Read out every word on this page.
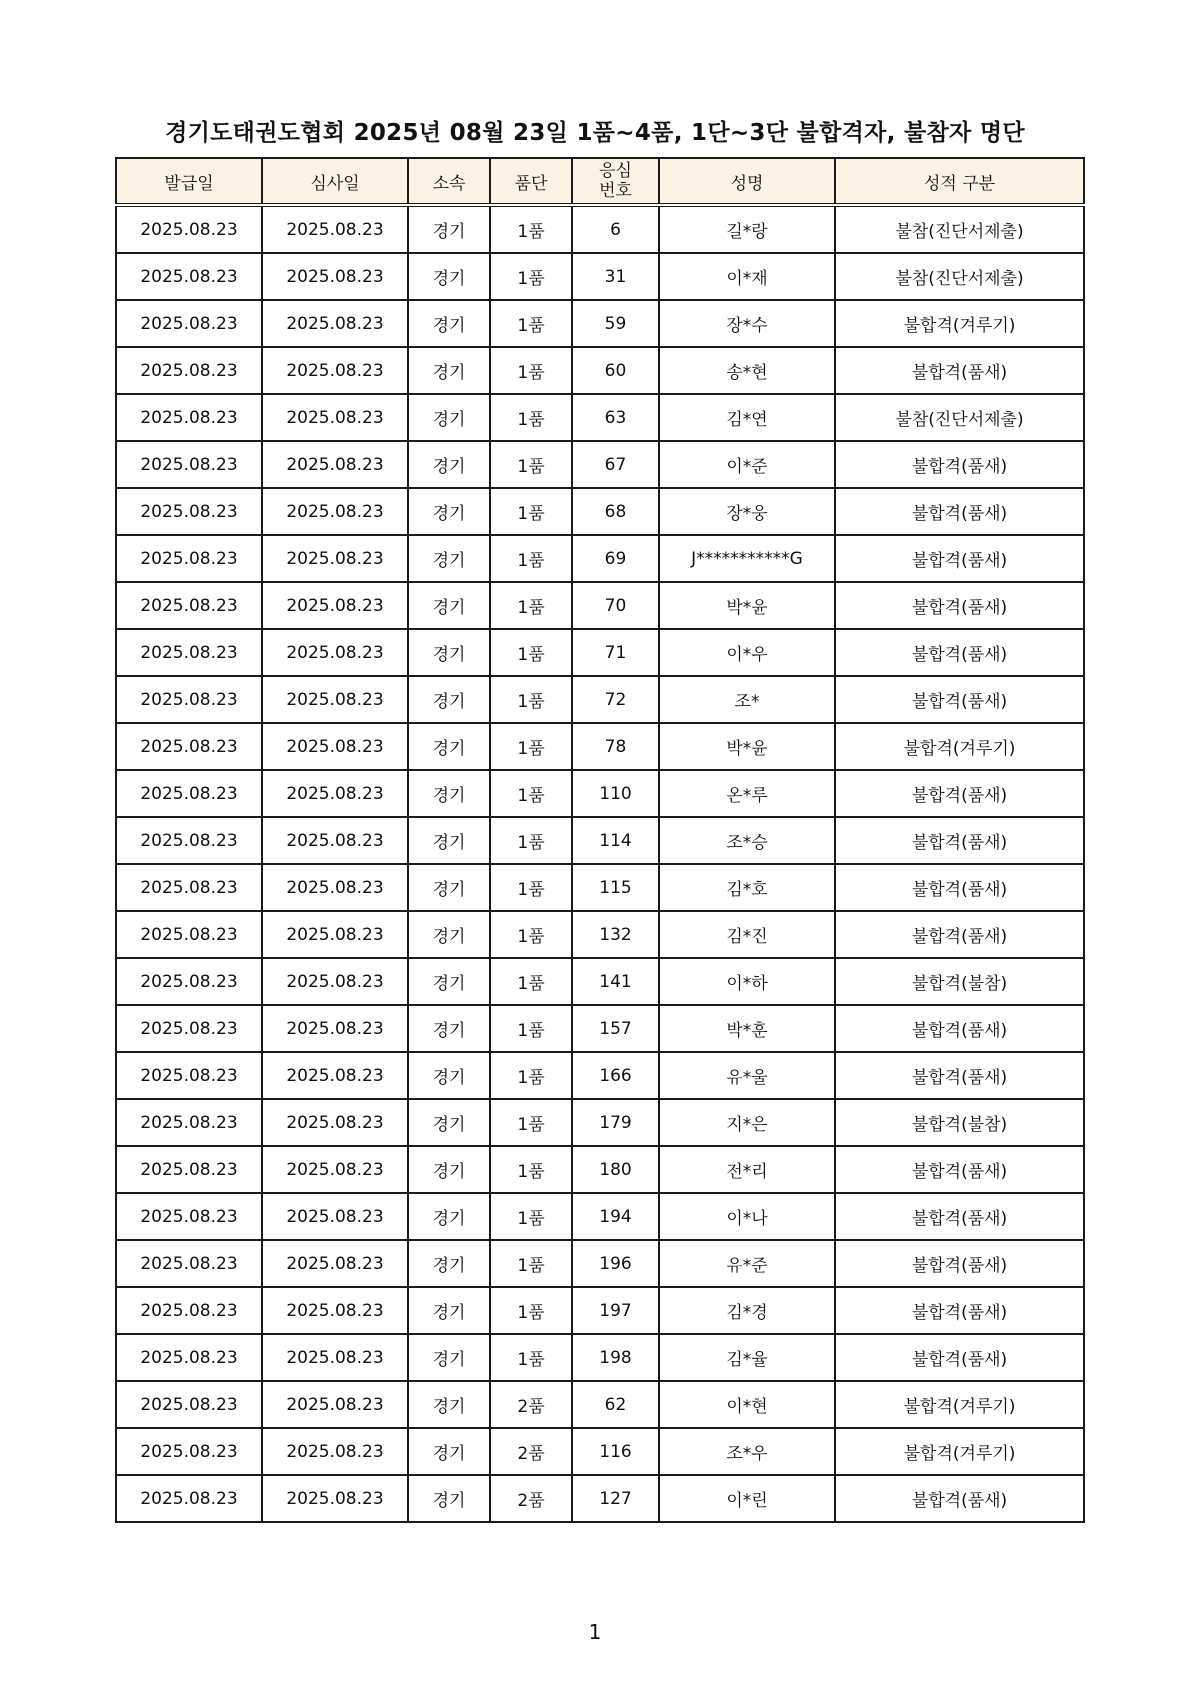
경기도태권도협회 2025년 08월 23일 1품~4품, 1단~3단 불합격자, 불참자 명단
발급일	심사일	소속	품단	응심
번호	성명	성적 구분
2025.08.23	2025.08.23	경기	1품	6	길*랑	불참(진단서제출)
2025.08.23	2025.08.23	경기	1품	31	이*재	불참(진단서제출)
2025.08.23	2025.08.23	경기	1품	59	장*수	불합격(겨루기)
2025.08.23	2025.08.23	경기	1품	60	송*현	불합격(품새)
2025.08.23	2025.08.23	경기	1품	63	김*연	불참(진단서제출)
2025.08.23	2025.08.23	경기	1품	67	이*준	불합격(품새)
2025.08.23	2025.08.23	경기	1품	68	장*웅	불합격(품새)
2025.08.23	2025.08.23	경기	1품	69	J***********G	불합격(품새)
2025.08.23	2025.08.23	경기	1품	70	박*윤	불합격(품새)
2025.08.23	2025.08.23	경기	1품	71	이*우	불합격(품새)
2025.08.23	2025.08.23	경기	1품	72	조*	불합격(품새)
2025.08.23	2025.08.23	경기	1품	78	박*윤	불합격(겨루기)
2025.08.23	2025.08.23	경기	1품	110	온*루	불합격(품새)
2025.08.23	2025.08.23	경기	1품	114	조*승	불합격(품새)
2025.08.23	2025.08.23	경기	1품	115	김*호	불합격(품새)
2025.08.23	2025.08.23	경기	1품	132	김*진	불합격(품새)
2025.08.23	2025.08.23	경기	1품	141	이*하	불합격(불참)
2025.08.23	2025.08.23	경기	1품	157	박*훈	불합격(품새)
2025.08.23	2025.08.23	경기	1품	166	유*울	불합격(품새)
2025.08.23	2025.08.23	경기	1품	179	지*은	불합격(불참)
2025.08.23	2025.08.23	경기	1품	180	전*리	불합격(품새)
2025.08.23	2025.08.23	경기	1품	194	이*나	불합격(품새)
2025.08.23	2025.08.23	경기	1품	196	유*준	불합격(품새)
2025.08.23	2025.08.23	경기	1품	197	김*경	불합격(품새)
2025.08.23	2025.08.23	경기	1품	198	김*율	불합격(품새)
2025.08.23	2025.08.23	경기	2품	62	이*현	불합격(겨루기)
2025.08.23	2025.08.23	경기	2품	116	조*우	불합격(겨루기)
2025.08.23	2025.08.23	경기	2품	127	이*린	불합격(품새)
1
